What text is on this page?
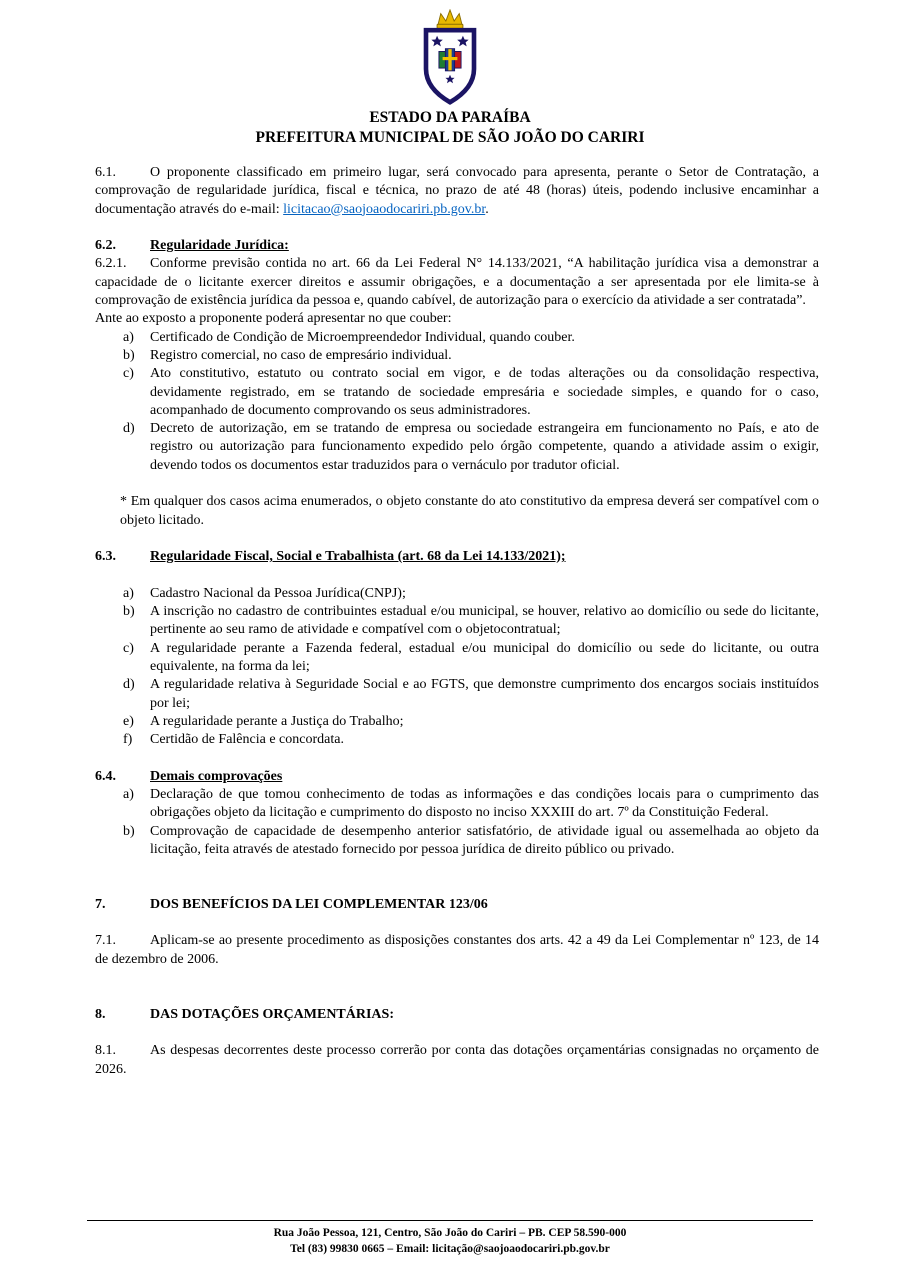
ESTADO DA PARAÍBA
PREFEITURA MUNICIPAL DE SÃO JOÃO DO CARIRI

6.1. O proponente classificado em primeiro lugar, será convocado para apresenta, perante o Setor de Contratação, a comprovação de regularidade jurídica, fiscal e técnica, no prazo de até 48 (horas) úteis, podendo inclusive encaminhar a documentação através do e-mail: licitacao@saojoaodocariri.pb.gov.br.

6.2. Regularidade Jurídica:

6.2.1. Conforme previsão contida no art. 66 da Lei Federal N° 14.133/2021, “A habilitação jurídica visa a demonstrar a capacidade de o licitante exercer direitos e assumir obrigações, e a documentação a ser apresentada por ele limita-se à comprovação de existência jurídica da pessoa e, quando cabível, de autorização para o exercício da atividade a ser contratada”.

Ante ao exposto a proponente poderá apresentar no que couber:

a)	Certificado de Condição de Microempreendedor Individual, quando couber.
b)	Registro comercial, no caso de empresário individual.
c)	Ato constitutivo, estatuto ou contrato social em vigor, e de todas alterações ou da consolidação respectiva, devidamente registrado, em se tratando de sociedade empresária e sociedade simples, e quando for o caso, acompanhado de documento comprovando os seus administradores.
d)	Decreto de autorização, em se tratando de empresa ou sociedade estrangeira em funcionamento no País, e ato de registro ou autorização para funcionamento expedido pelo órgão competente, quando a atividade assim o exigir, devendo todos os documentos estar traduzidos para o vernáculo por tradutor oficial.

* Em qualquer dos casos acima enumerados, o objeto constante do ato constitutivo da empresa deverá ser compatível com o objeto licitado.

6.3. Regularidade Fiscal, Social e Trabalhista (art. 68 da Lei 14.133/2021);

a)	Cadastro Nacional da Pessoa Jurídica(CNPJ);
b)	A inscrição no cadastro de contribuintes estadual e/ou municipal, se houver, relativo ao domicílio ou sede do licitante, pertinente ao seu ramo de atividade e compatível com o objetocontratual;
c)	A regularidade perante a Fazenda federal, estadual e/ou municipal do domicílio ou sede do licitante, ou outra equivalente, na forma da lei;
d)	A regularidade relativa à Seguridade Social e ao FGTS, que demonstre cumprimento dos encargos sociais instituídos por lei;
e)	A regularidade perante a Justiça do Trabalho;
f)	Certidão de Falência e concordata.

6.4. Demais comprovações

a)	Declaração de que tomou conhecimento de todas as informações e das condições locais para o cumprimento das obrigações objeto da licitação e cumprimento do disposto no inciso XXXIII do art. 7º da Constituição Federal.
b)	Comprovação de capacidade de desempenho anterior satisfatório, de atividade igual ou assemelhada ao objeto da licitação, feita através de atestado fornecido por pessoa jurídica de direito público ou privado.

7.	DOS BENEFÍCIOS DA LEI COMPLEMENTAR 123/06

7.1. Aplicam-se ao presente procedimento as disposições constantes dos arts. 42 a 49 da Lei Complementar nº 123, de 14 de dezembro de 2006.

8.	DAS DOTAÇÕES ORÇAMENTÁRIAS:

8.1. As despesas decorrentes deste processo correrão por conta das dotações orçamentárias consignadas no orçamento de 2026.

Rua João Pessoa, 121, Centro, São João do Cariri – PB. CEP 58.590-000
Tel (83) 99830 0665 – Email: licitação@saojoaodocariri.pb.gov.br
